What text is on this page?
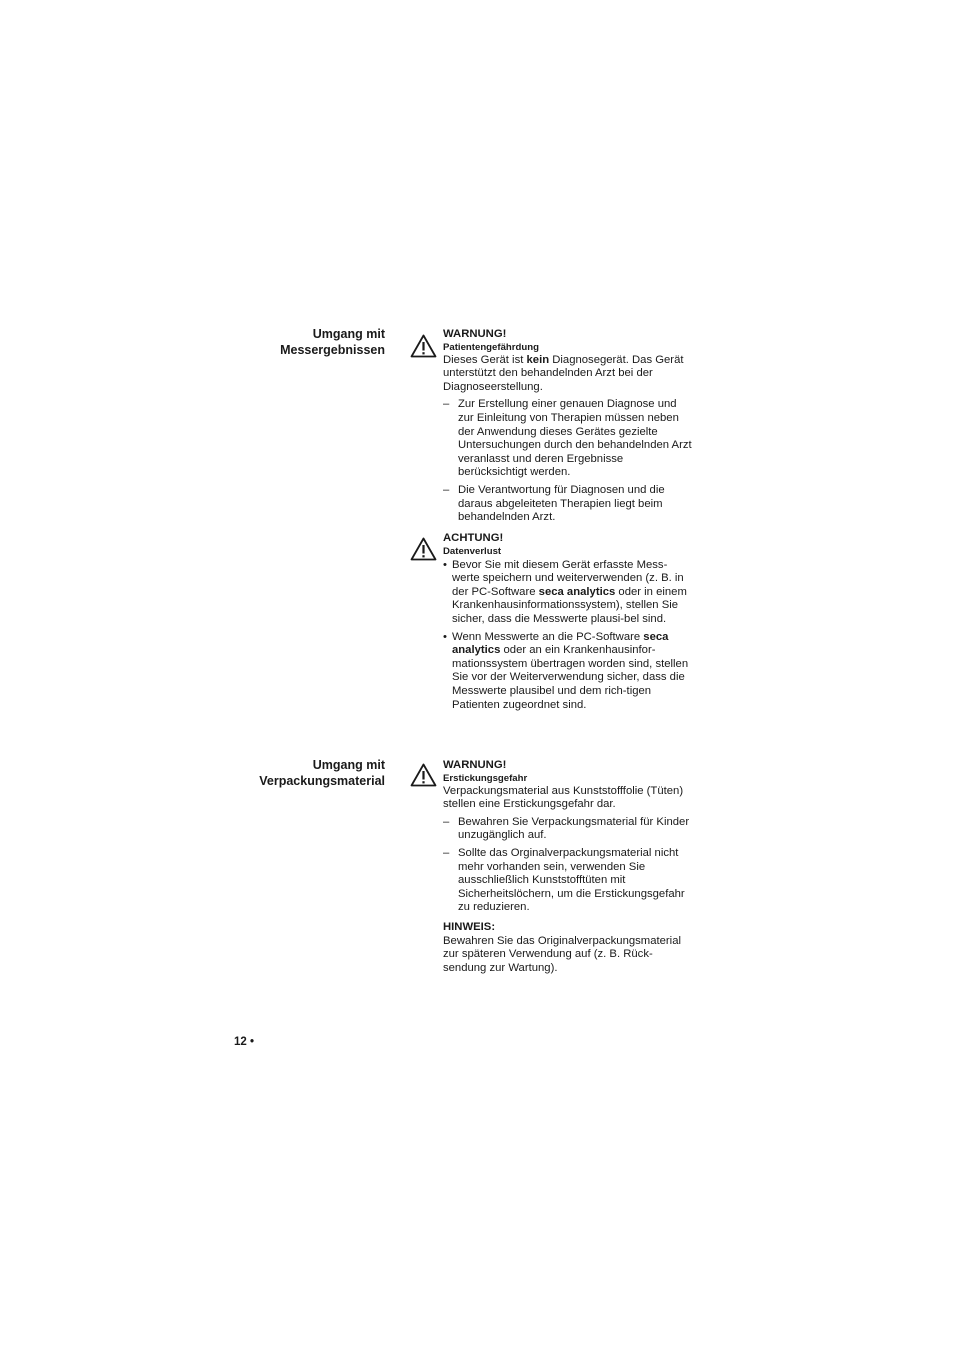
Umgang mit
Messergebnissen
WARNUNG!
Patientengefährdung
Dieses Gerät ist kein Diagnosegerät. Das Gerät unterstützt den behandelnden Arzt bei der Diagnoseerstellung.
– Zur Erstellung einer genauen Diagnose und zur Einleitung von Therapien müssen neben der Anwendung dieses Gerätes gezielte Untersuchungen durch den behandelnden Arzt veranlasst und deren Ergebnisse berücksichtigt werden.
– Die Verantwortung für Diagnosen und die daraus abgeleiteten Therapien liegt beim behandelnden Arzt.
ACHTUNG!
Datenverlust
• Bevor Sie mit diesem Gerät erfasste Mess-werte speichern und weiterverwenden (z. B. in der PC-Software seca analytics oder in einem Krankenhausinformationssystem), stellen Sie sicher, dass die Messwerte plausi-bel sind.
• Wenn Messwerte an die PC-Software seca analytics oder an ein Krankenhausinfor-mationssystem übertragen worden sind, stellen Sie vor der Weiterverwendung sicher, dass die Messwerte plausibel und dem rich-tigen Patienten zugeordnet sind.
Umgang mit
Verpackungsmaterial
WARNUNG!
Erstickungsgefahr
Verpackungsmaterial aus Kunststofffolie (Tüten) stellen eine Erstickungsgefahr dar.
– Bewahren Sie Verpackungsmaterial für Kinder unzugänglich auf.
– Sollte das Orginalverpackungsmaterial nicht mehr vorhanden sein, verwenden Sie ausschließlich Kunststofftüten mit Sicherheitslöchern, um die Erstickungsgefahr zu reduzieren.
HINWEIS:
Bewahren Sie das Originalverpackungsmaterial zur späteren Verwendung auf (z. B. Rück-sendung zur Wartung).
12 •
